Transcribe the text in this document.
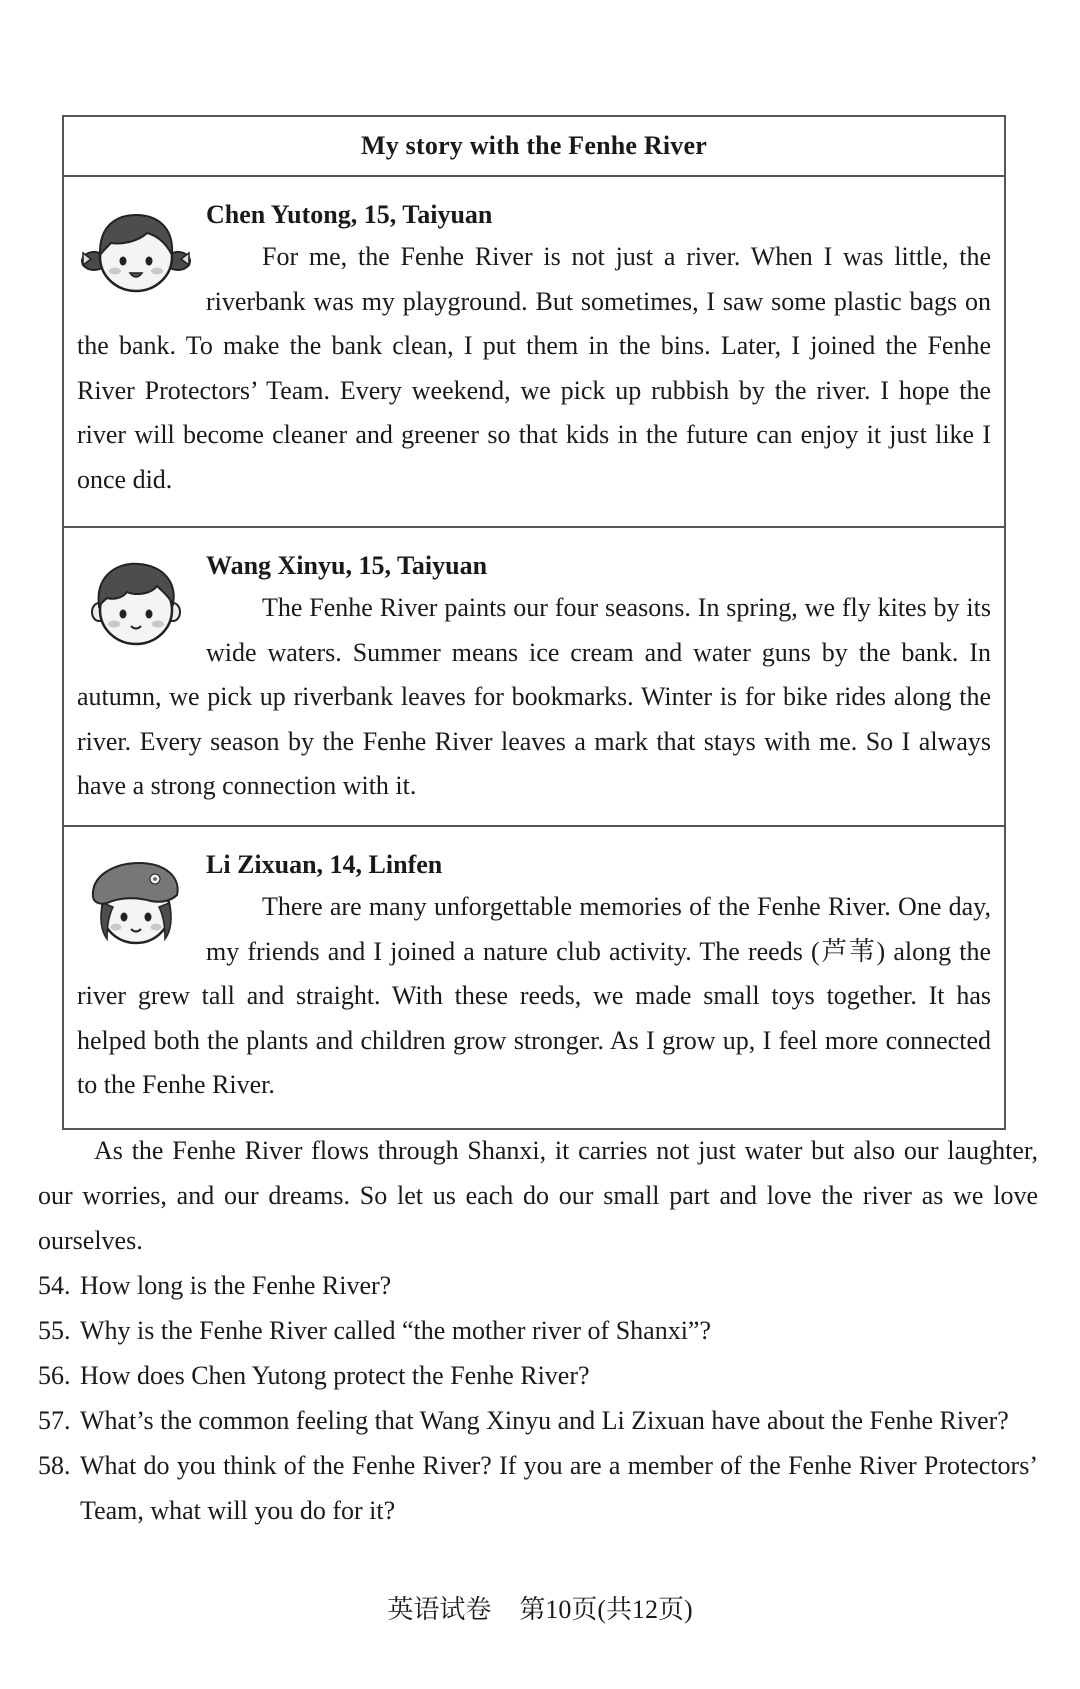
My story with the Fenhe River
Chen Yutong, 15, Taiyuan

For me, the Fenhe River is not just a river. When I was little, the riverbank was my playground. But sometimes, I saw some plastic bags on the bank. To make the bank clean, I put them in the bins. Later, I joined the Fenhe River Protectors’ Team. Every weekend, we pick up rubbish by the river. I hope the river will become cleaner and greener so that kids in the future can enjoy it just like I once did.

Wang Xinyu, 15, Taiyuan

The Fenhe River paints our four seasons. In spring, we fly kites by its wide waters. Summer means ice cream and water guns by the bank. In autumn, we pick up riverbank leaves for bookmarks. Winter is for bike rides along the river. Every season by the Fenhe River leaves a mark that stays with me. So I always have a strong connection with it.

Li Zixuan, 14, Linfen

There are many unforgettable memories of the Fenhe River. One day, my friends and I joined a nature club activity. The reeds (芦苇) along the river grew tall and straight. With these reeds, we made small toys together. It has helped both the plants and children grow stronger. As I grow up, I feel more connected to the Fenhe River.

As the Fenhe River flows through Shanxi, it carries not just water but also our laughter, our worries, and our dreams. So let us each do our small part and love the river as we love ourselves.

54. How long is the Fenhe River?
55. Why is the Fenhe River called “the mother river of Shanxi”?
56. How does Chen Yutong protect the Fenhe River?
57. What’s the common feeling that Wang Xinyu and Li Zixuan have about the Fenhe River?
58. What do you think of the Fenhe River? If you are a member of the Fenhe River Protectors’ Team, what will you do for it?
英语试卷 第10页(共12页)
